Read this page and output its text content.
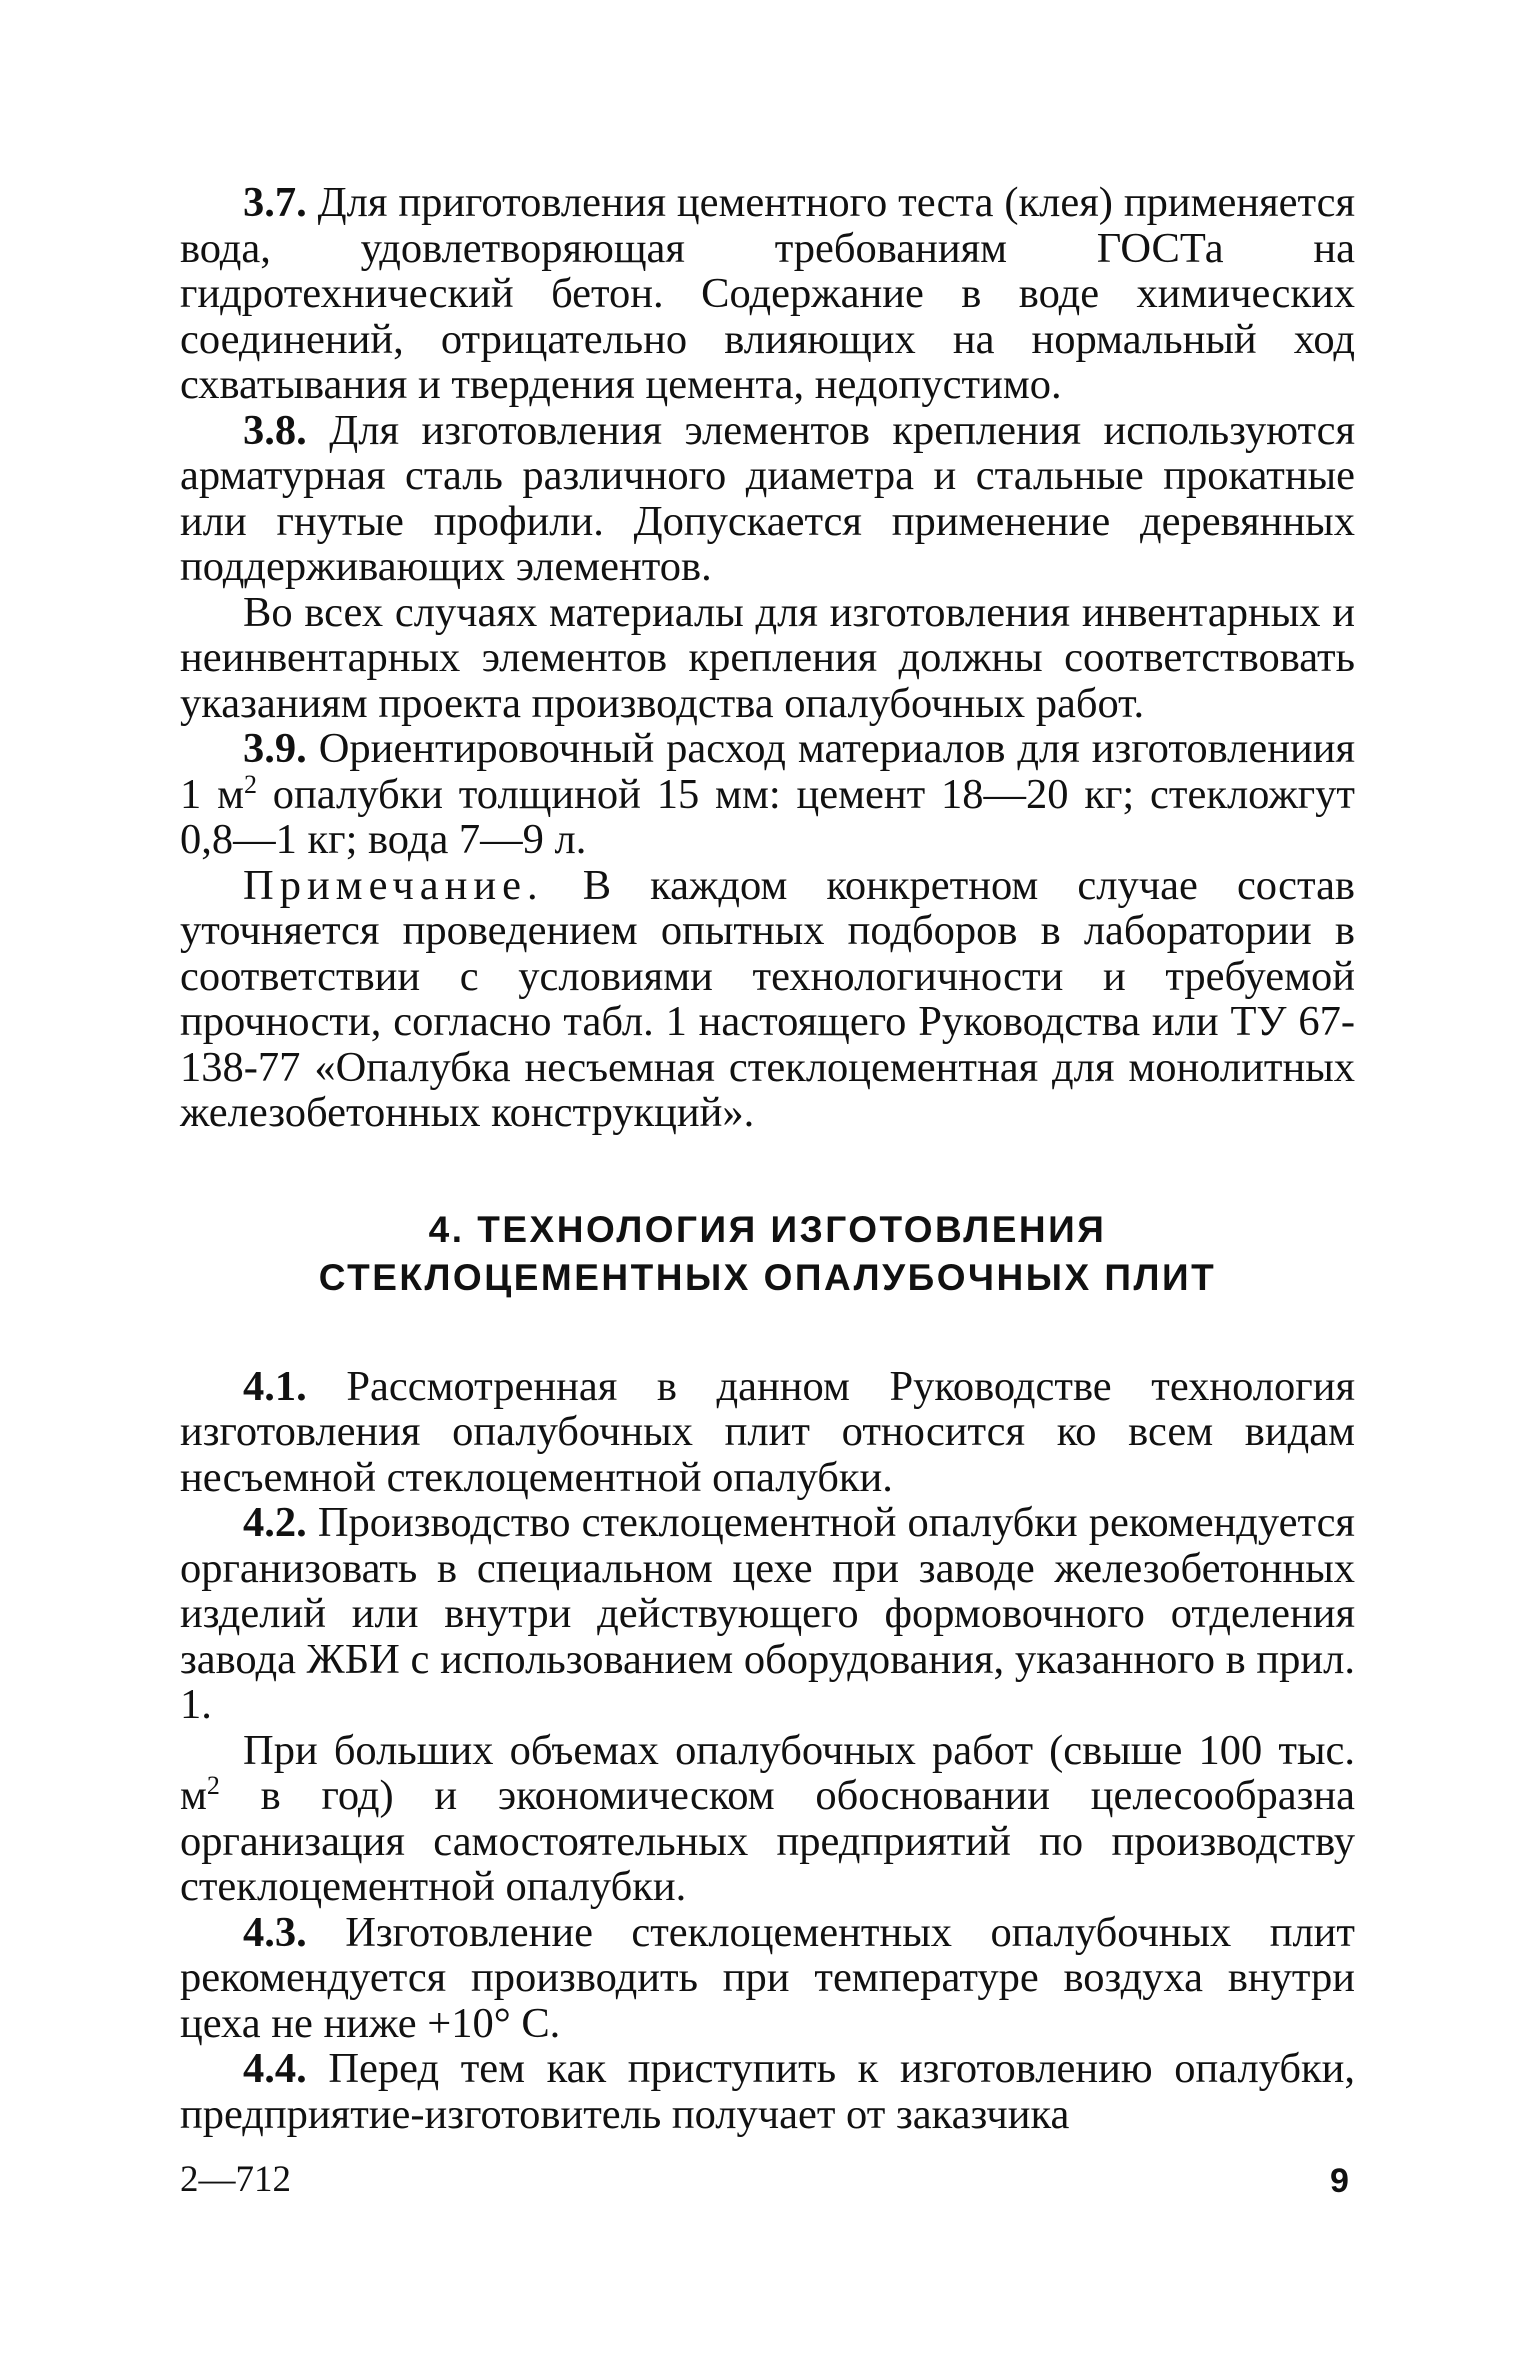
3.7. Для приготовления цементного теста (клея) применяется вода, удовлетворяющая требованиям ГОСТа на гидротехнический бетон. Содержание в воде химических соединений, отрицательно влияющих на нормальный ход схватывания и твердения цемента, недопустимо.

3.8. Для изготовления элементов крепления используются арматурная сталь различного диаметра и стальные прокатные или гнутые профили. Допускается применение деревянных поддерживающих элементов.

Во всех случаях материалы для изготовления инвентарных и неинвентарных элементов крепления должны соответствовать указаниям проекта производства опалубочных работ.

3.9. Ориентировочный расход материалов для изготовлениия 1 $м^2$ опалубки толщиной 15 мм: цемент 18—20 кг; стекложгут 0,8—1 кг; вода 7—9 л.

Примечание. В каждом конкретном случае состав уточняется проведением опытных подборов в лаборатории в соответствии с условиями технологичности и требуемой прочности, согласно табл. 1 настоящего Руководства или ТУ 67-138-77 «Опалубка несъемная стеклоцементная для монолитных железобетонных конструкций».

4. ТЕХНОЛОГИЯ ИЗГОТОВЛЕНИЯ
СТЕКЛОЦЕМЕНТНЫХ ОПАЛУБОЧНЫХ ПЛИТ

4.1. Рассмотренная в данном Руководстве технология изготовления опалубочных плит относится ко всем видам несъемной стеклоцементной опалубки.

4.2. Производство стеклоцементной опалубки рекомендуется организовать в специальном цехе при заводе железобетонных изделий или внутри действующего формовочного отделения завода ЖБИ с использованием оборудования, указанного в прил. 1.

При больших объемах опалубочных работ (свыше 100 тыс. $м^2$ в год) и экономическом обосновании целесообразна организация самостоятельных предприятий по производству стеклоцементной опалубки.

4.3. Изготовление стеклоцементных опалубочных плит рекомендуется производить при температуре воздуха внутри цеха не ниже +10° С.

4.4. Перед тем как приступить к изготовлению опалубки, предприятие-изготовитель получает от заказчика

2—712	9
